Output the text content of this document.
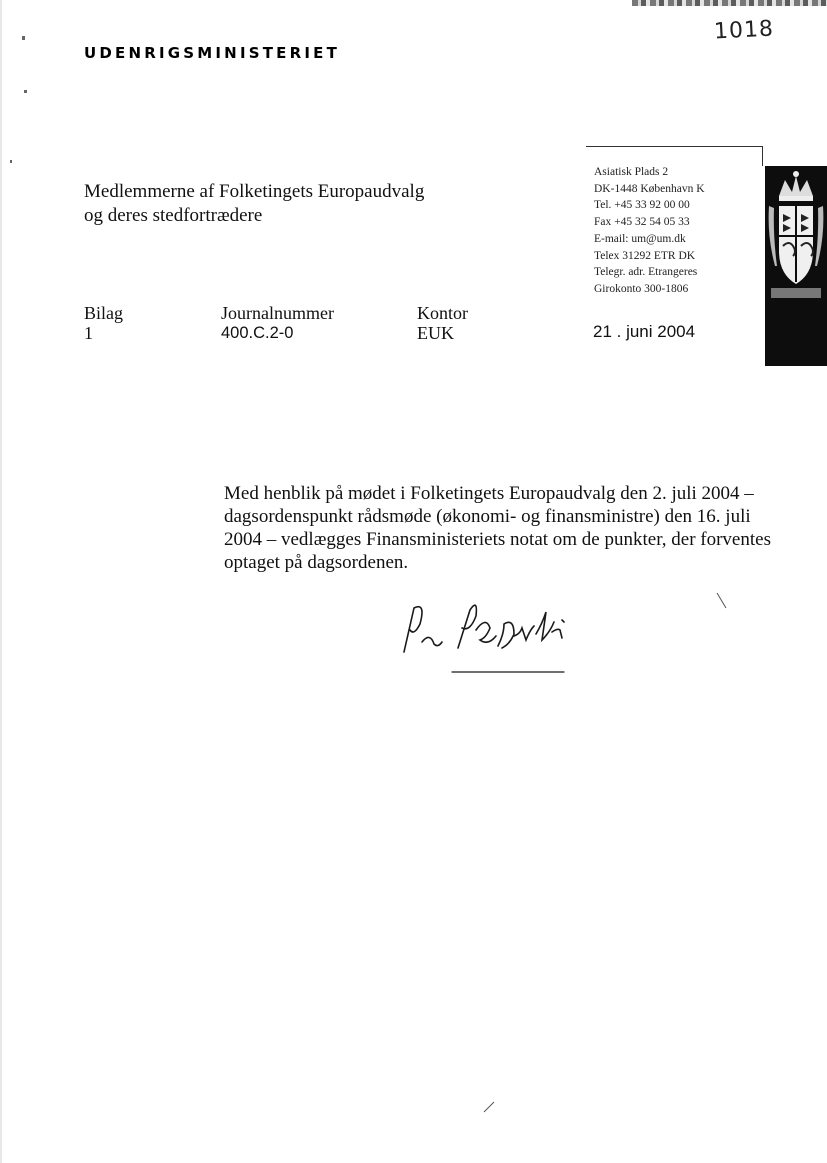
UDENRIGSMINISTERIET
1018
Medlemmerne af Folketingets Europaudvalg
og deres stedfortrædere
Asiatisk Plads 2
DK-1448 København K
Tel. +45 33 92 00 00
Fax +45 32 54 05 33
E-mail: um@um.dk
Telex 31292 ETR DK
Telegr. adr. Etrangeres
Girokonto 300-1806
Bilag
1
Journalnummer
400.C.2-0
Kontor
EUK	21 . juni 2004
Med henblik på mødet i Folketingets Europaudvalg den 2. juli 2004 – dagsordenspunkt rådsmøde (økonomi- og finansministre) den 16. juli 2004 – vedlægges Finansministeriets notat om de punkter, der forventes optaget på dagsordenen.
